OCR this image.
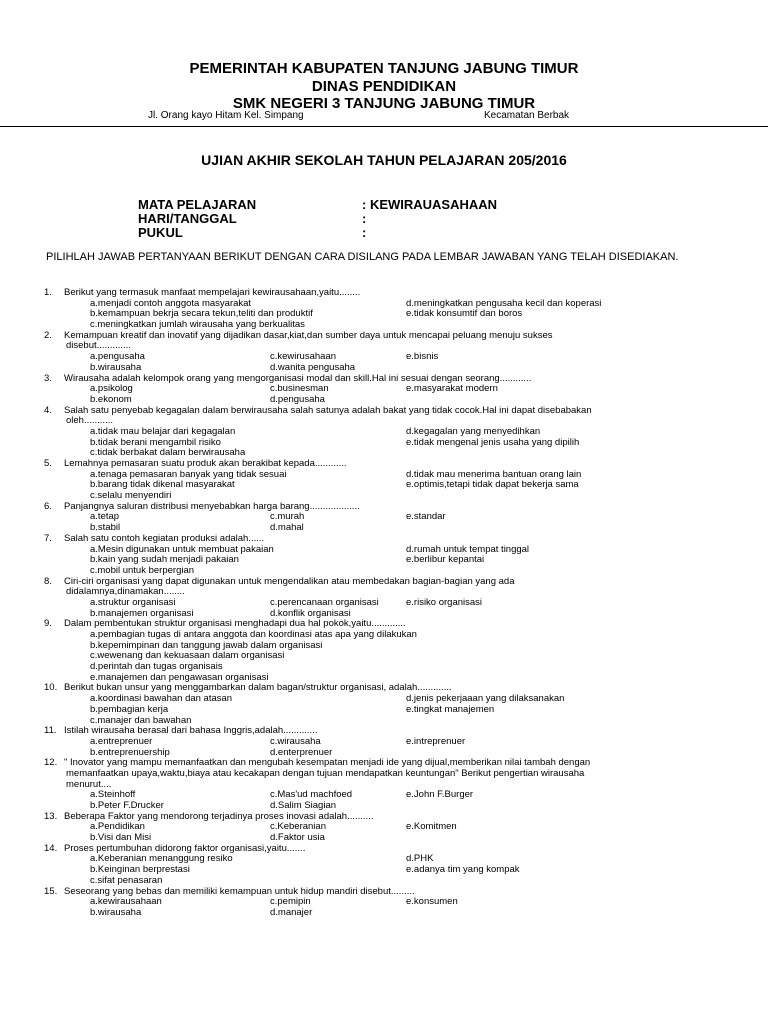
PEMERINTAH KABUPATEN TANJUNG JABUNG TIMUR
DINAS PENDIDIKAN
SMK NEGERI 3 TANJUNG JABUNG TIMUR
Jl. Orang kayo Hitam Kel. Simpang	Kecamatan Berbak
UJIAN AKHIR SEKOLAH TAHUN PELAJARAN 205/2016
MATA PELAJARAN	: KEWIRAUASAHAAN
HARI/TANGGAL	:
PUKUL	:
PILIHLAH JAWAB PERTANYAAN BERIKUT DENGAN CARA DISILANG PADA LEMBAR JAWABAN YANG TELAH DISEDIAKAN.
1. Berikut yang termasuk manfaat mempelajari kewirausahaan,yaitu........
a.menjadi contoh anggota masyarakat	d.meningkatkan pengusaha kecil dan koperasi
b.kemampuan bekrja secara tekun,teliti dan produktif	e.tidak konsumtif dan boros
c.meningkatkan jumlah wirausaha yang berkualitas
2. Kemampuan kreatif dan inovatif yang dijadikan dasar,kiat,dan sumber daya untuk mencapai peluang menuju sukses
disebut.............
a.pengusaha	c.kewirusahaan	e.bisnis
b.wirausaha	d.wanita pengusaha
3. Wirausaha adalah kelompok orang yang mengorganisasi modal dan skill.Hal ini sesuai dengan seorang............
a.psikolog	c.businesman	e.masyarakat modern
b.ekonom	d.pengusaha
4. Salah satu penyebab kegagalan dalam berwirausaha salah satunya adalah bakat yang tidak cocok.Hal ini dapat disebabakan
oleh...........
a.tidak mau belajar dari kegagalan	d.kegagalan yang menyedihkan
b.tidak berani mengambil risiko	e.tidak mengenal jenis usaha yang dipilih
c.tidak berbakat dalam berwirausaha
5. Lemahnya pemasaran suatu produk akan berakibat kepada............
a.tenaga pemasaran banyak yang tidak sesuai	d.tidak mau menerima bantuan orang lain
b.barang tidak dikenal masyarakat	e.optimis,tetapi tidak dapat bekerja sama
c.selalu menyendiri
6. Panjangnya saluran distribusi menyebabkan harga barang...................
a.tetap	c.murah	e.standar
b.stabil	d.mahal
7. Salah satu contoh kegiatan produksi adalah......
a.Mesin digunakan untuk membuat pakaian	d.rumah untuk tempat tinggal
b.kain yang sudah menjadi pakaian	e.berlibur kepantai
c.mobil untuk berpergian
8. Ciri-ciri organisasi yang dapat digunakan untuk mengendalikan atau membedakan bagian-bagian yang ada
didalamnya,dinamakan........
a.struktur organisasi	c.perencanaan organisasi	e.risiko organisasi
b.manajemen organisasi	d.konflik organisasi
9. Dalam pembentukan struktur organisasi menghadapi dua hal pokok,yaitu.............
a.pembagian tugas di antara anggota dan koordinasi atas apa yang dilakukan
b.kepemimpinan dan tanggung jawab dalam organisasi
c.wewenang dan kekuasaan dalam organisasi
d.perintah dan tugas organisais
e.manajemen dan pengawasan organisasi
10. Berikut bukan unsur yang menggambarkan dalam bagan/struktur organisasi, adalah.............
a.koordinasi bawahan dan atasan	d.jenis pekerjaaan yang dilaksanakan
b.pembagian kerja	e.tingkat manajemen
c.manajer dan bawahan
11. Istilah wirausaha berasal dari bahasa Inggris,adalah.............
a.entreprenuer	c.wirausaha	e.intreprenuer
b.entreprenuership	d.enterprenuer
12. " Inovator yang mampu memanfaatkan dan mengubah kesempatan menjadi ide yang dijual,memberikan nilai tambah dengan
memanfaatkan upaya,waktu,biaya atau kecakapan dengan tujuan mendapatkan keuntungan" Berikut pengertian wirausaha
menurut....
a.Steinhoff	c.Mas'ud machfoed	e.John F.Burger
b.Peter F.Drucker	d.Salim Siagian
13. Beberapa Faktor yang mendorong terjadinya proses inovasi adalah..........
a.Pendidikan	c.Keberanian	e.Komitmen
b.Visi dan Misi	d.Faktor usia
14. Proses pertumbuhan didorong faktor organisasi,yaitu.......
a.Keberanian menanggung resiko	d.PHK
b.Keinginan berprestasi	e.adanya tim yang kompak
c.sifat penasaran
15. Seseorang yang bebas dan memiliki kemampuan untuk hidup mandiri disebut.........
a.kewirausahaan	c.pemipin	e.konsumen
b.wirausaha	d.manajer
